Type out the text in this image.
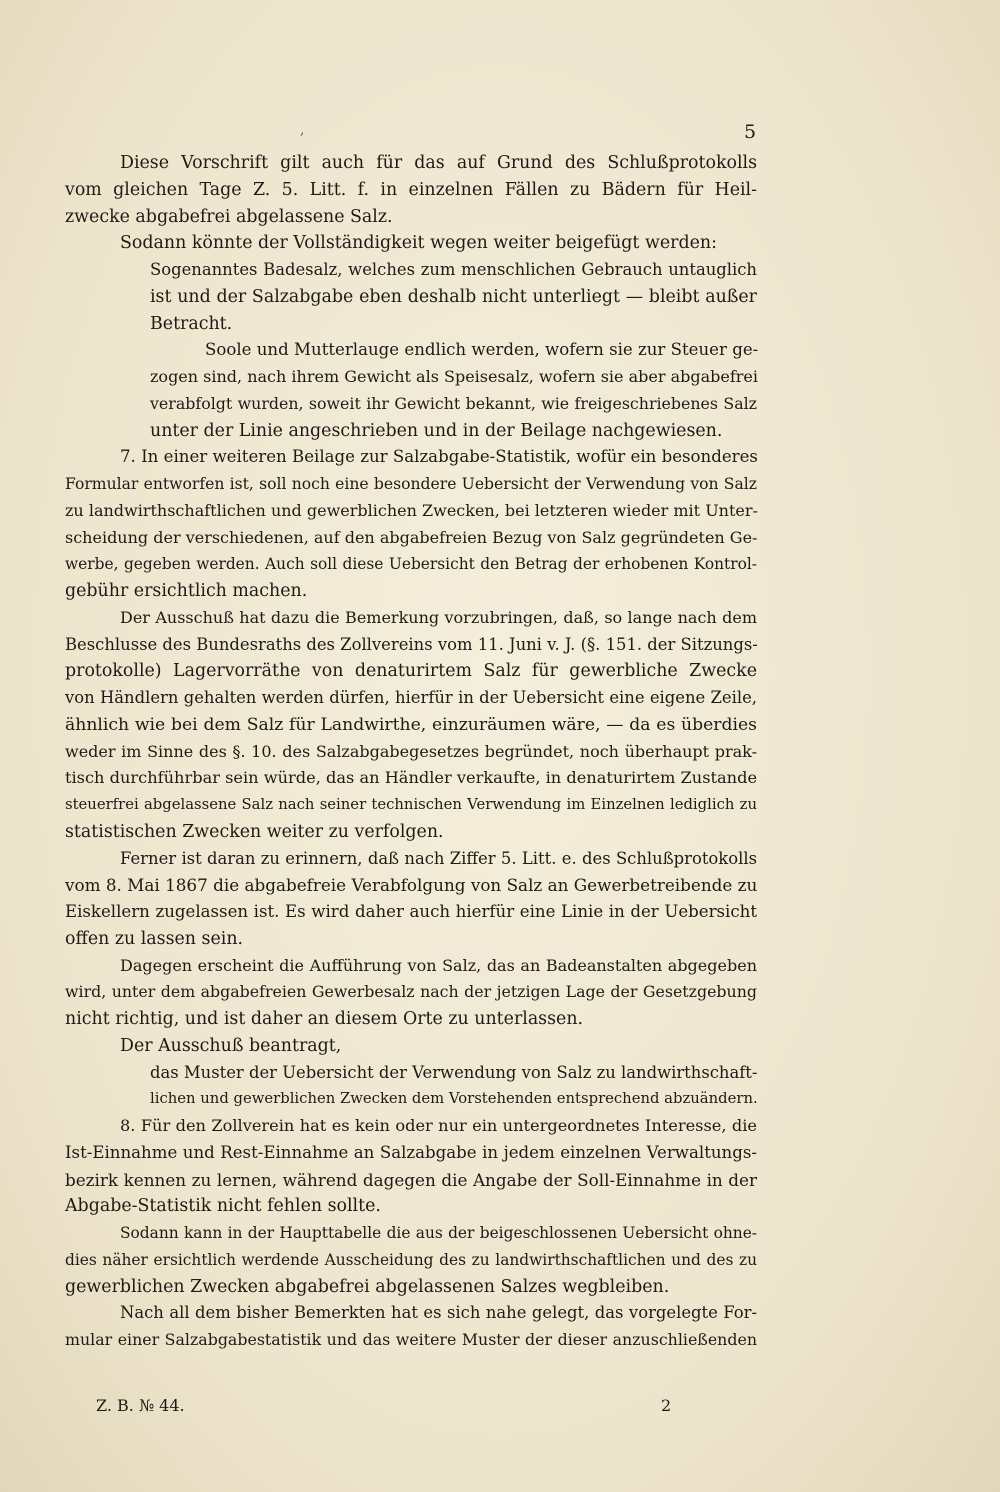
,	5
Diese Vorschrift gilt auch für das auf Grund des Schlußprotokolls
vom gleichen Tage Z. 5. Litt. f. in einzelnen Fällen zu Bädern für Heil-
zwecke abgabefrei abgelassene Salz.
Sodann könnte der Vollständigkeit wegen weiter beigefügt werden:
Sogenanntes Badesalz, welches zum menschlichen Gebrauch untauglich
ist und der Salzabgabe eben deshalb nicht unterliegt — bleibt außer
Betracht.
Soole und Mutterlauge endlich werden, wofern sie zur Steuer ge-
zogen sind, nach ihrem Gewicht als Speisesalz, wofern sie aber abgabefrei
verabfolgt wurden, soweit ihr Gewicht bekannt, wie freigeschriebenes Salz
unter der Linie angeschrieben und in der Beilage nachgewiesen.
7. In einer weiteren Beilage zur Salzabgabe-Statistik, wofür ein besonderes
Formular entworfen ist, soll noch eine besondere Uebersicht der Verwendung von Salz
zu landwirthschaftlichen und gewerblichen Zwecken, bei letzteren wieder mit Unter-
scheidung der verschiedenen, auf den abgabefreien Bezug von Salz gegründeten Ge-
werbe, gegeben werden. Auch soll diese Uebersicht den Betrag der erhobenen Kontrol-
gebühr ersichtlich machen.
Der Ausschuß hat dazu die Bemerkung vorzubringen, daß, so lange nach dem
Beschlusse des Bundesraths des Zollvereins vom 11. Juni v. J. (§. 151. der Sitzungs-
protokolle) Lagervorräthe von denaturirtem Salz für gewerbliche Zwecke
von Händlern gehalten werden dürfen, hierfür in der Uebersicht eine eigene Zeile,
ähnlich wie bei dem Salz für Landwirthe, einzuräumen wäre, — da es überdies
weder im Sinne des §. 10. des Salzabgabegesetzes begründet, noch überhaupt prak-
tisch durchführbar sein würde, das an Händler verkaufte, in denaturirtem Zustande
steuerfrei abgelassene Salz nach seiner technischen Verwendung im Einzelnen lediglich zu
statistischen Zwecken weiter zu verfolgen.
Ferner ist daran zu erinnern, daß nach Ziffer 5. Litt. e. des Schlußprotokolls
vom 8. Mai 1867 die abgabefreie Verabfolgung von Salz an Gewerbetreibende zu
Eiskellern zugelassen ist. Es wird daher auch hierfür eine Linie in der Uebersicht
offen zu lassen sein.
Dagegen erscheint die Aufführung von Salz, das an Badeanstalten abgegeben
wird, unter dem abgabefreien Gewerbesalz nach der jetzigen Lage der Gesetzgebung
nicht richtig, und ist daher an diesem Orte zu unterlassen.
Der Ausschuß beantragt,
das Muster der Uebersicht der Verwendung von Salz zu landwirthschaft-
lichen und gewerblichen Zwecken dem Vorstehenden entsprechend abzuändern.
8. Für den Zollverein hat es kein oder nur ein untergeordnetes Interesse, die
Ist-Einnahme und Rest-Einnahme an Salzabgabe in jedem einzelnen Verwaltungs-
bezirk kennen zu lernen, während dagegen die Angabe der Soll-Einnahme in der
Abgabe-Statistik nicht fehlen sollte.
Sodann kann in der Haupttabelle die aus der beigeschlossenen Uebersicht ohne-
dies näher ersichtlich werdende Ausscheidung des zu landwirthschaftlichen und des zu
gewerblichen Zwecken abgabefrei abgelassenen Salzes wegbleiben.
Nach all dem bisher Bemerkten hat es sich nahe gelegt, das vorgelegte For-
mular einer Salzabgabestatistik und das weitere Muster der dieser anzuschließenden
Z. B. № 44.	2
